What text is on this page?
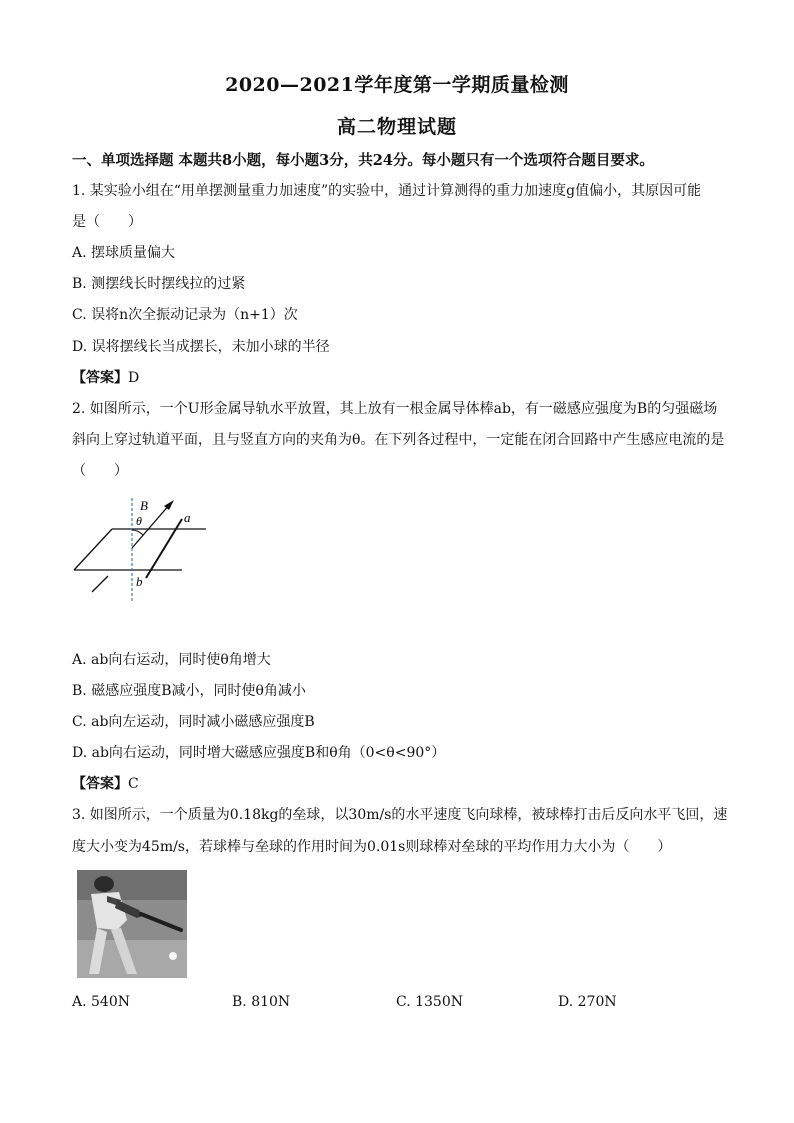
2020—2021学年度第一学期质量检测
高二物理试题
一、单项选择题 本题共8小题，每小题3分，共24分。每小题只有一个选项符合题目要求。
1. 某实验小组在“用单摆测量重力加速度”的实验中，通过计算测得的重力加速度g值偏小，其原因可能
是（　　）
A. 摆球质量偏大
B. 测摆线长时摆线拉的过紧
C. 误将n次全振动记录为（n+1）次
D. 误将摆线长当成摆长，未加小球的半径
【答案】D
2. 如图所示，一个U形金属导轨水平放置，其上放有一根金属导体棒ab，有一磁感应强度为B的匀强磁场
斜向上穿过轨道平面，且与竖直方向的夹角为θ。在下列各过程中，一定能在闭合回路中产生感应电流的是
（　　）
B
θ	a
b
A. ab向右运动，同时使θ角增大
B. 磁感应强度B减小，同时使θ角减小
C. ab向左运动，同时减小磁感应强度B
D. ab向右运动，同时增大磁感应强度B和θ角（0<θ<90°）
【答案】C
3. 如图所示，一个质量为0.18kg的垒球，以30m/s的水平速度飞向球棒，被球棒打击后反向水平飞回，速
度大小变为45m/s，若球棒与垒球的作用时间为0.01s则球棒对垒球的平均作用力大小为（　　）
A. 540N	B. 810N	C. 1350N	D. 270N
